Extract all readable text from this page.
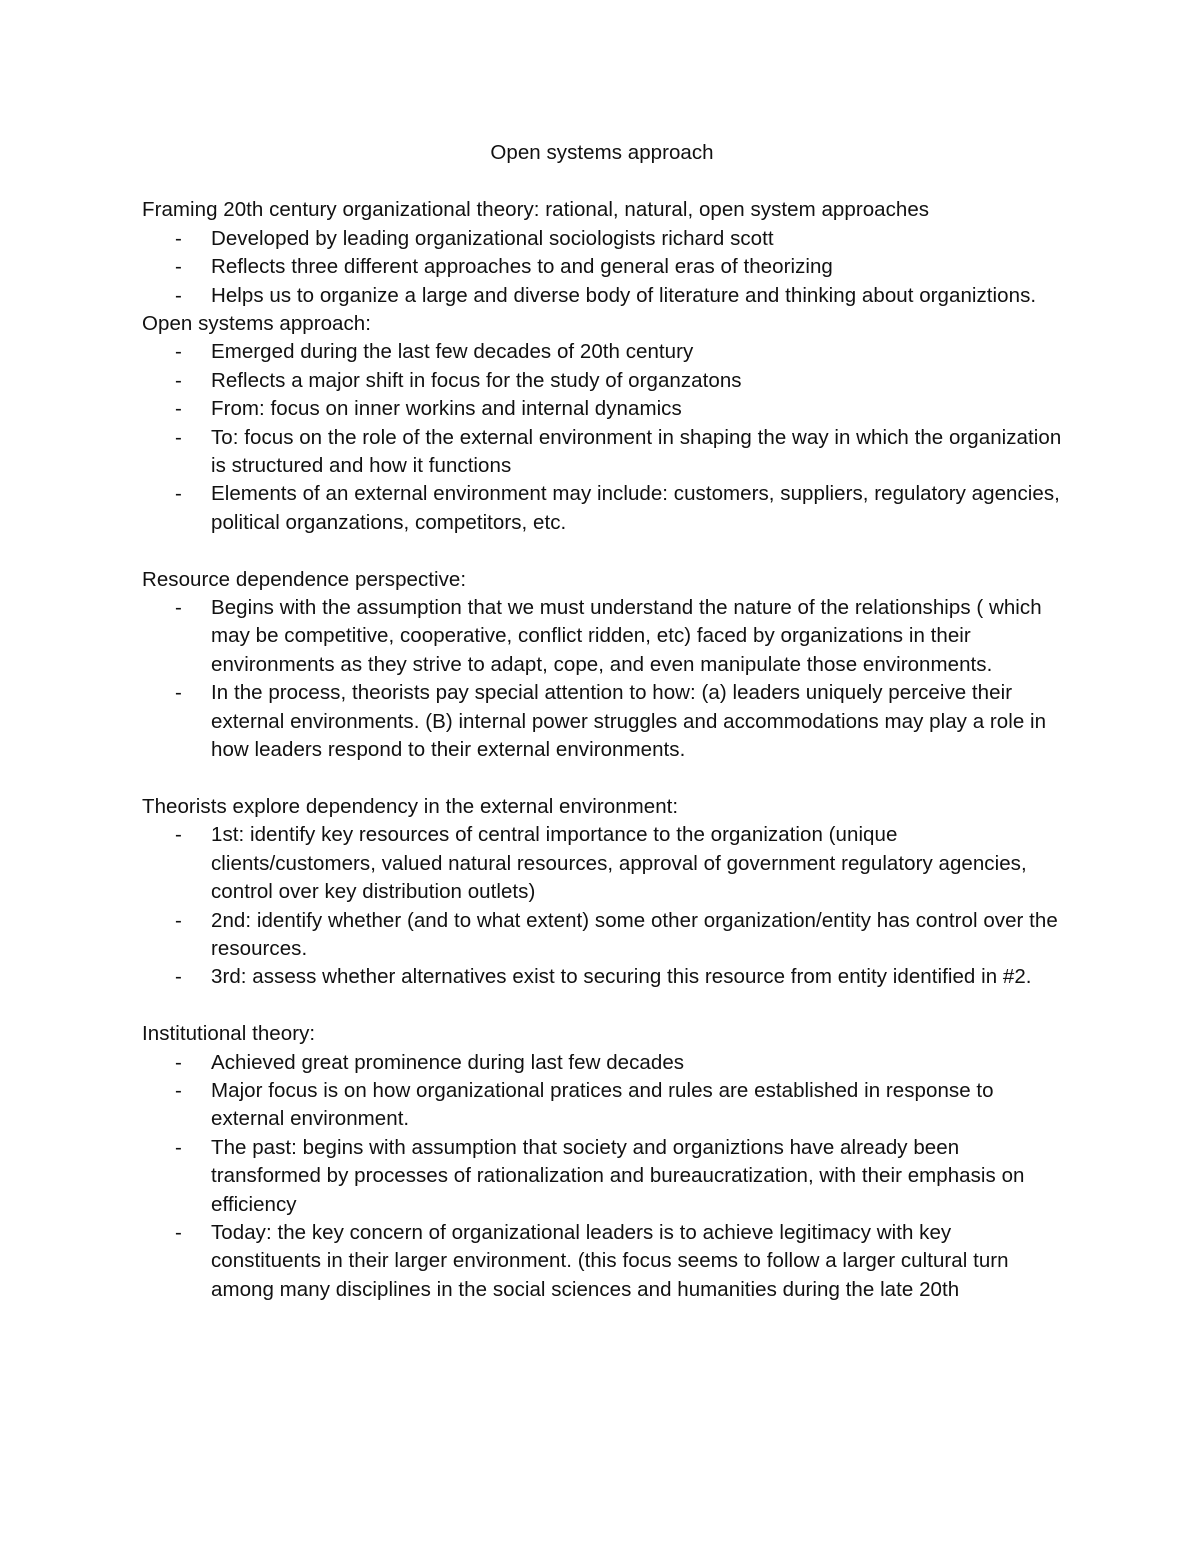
Open systems approach

Framing 20th century organizational theory: rational, natural, open system approaches

- Developed by leading organizational sociologists richard scott
- Reflects three different approaches to and general eras of theorizing
- Helps us to organize a large and diverse body of literature and thinking about organiztions.

Open systems approach:

- Emerged during the last few decades of 20th century
- Reflects a major shift in focus for the study of organzatons
- From: focus on inner workins and internal dynamics
- To: focus on the role of the external environment in shaping the way in which the organization is structured and how it functions
- Elements of an external environment may include: customers, suppliers, regulatory agencies, political organzations, competitors, etc.

Resource dependence perspective:

- Begins with the assumption that we must understand the nature of the relationships ( which may be competitive, cooperative, conflict ridden, etc) faced by organizations in their environments as they strive to adapt, cope, and even manipulate those environments.
- In the process, theorists pay special attention to how: (a) leaders uniquely perceive their external environments. (B) internal power struggles and accommodations may play a role in how leaders respond to their external environments.

Theorists explore dependency in the external environment:

- 1st: identify key resources of central importance to the organization (unique clients/customers, valued natural resources, approval of government regulatory agencies, control over key distribution outlets)
- 2nd: identify whether (and to what extent) some other organization/entity has control over the resources.
- 3rd: assess whether alternatives exist to securing this resource from entity identified in #2.

Institutional theory:

- Achieved great prominence during last few decades
- Major focus is on how organizational pratices and rules are established in response to external environment.
- The past: begins with assumption that society and organiztions have already been transformed by processes of rationalization and bureaucratization, with their emphasis on efficiency
- Today: the key concern of organizational leaders is to achieve legitimacy with key constituents in their larger environment. (this focus seems to follow a larger cultural turn among many disciplines in the social sciences and humanities during the late 20th
